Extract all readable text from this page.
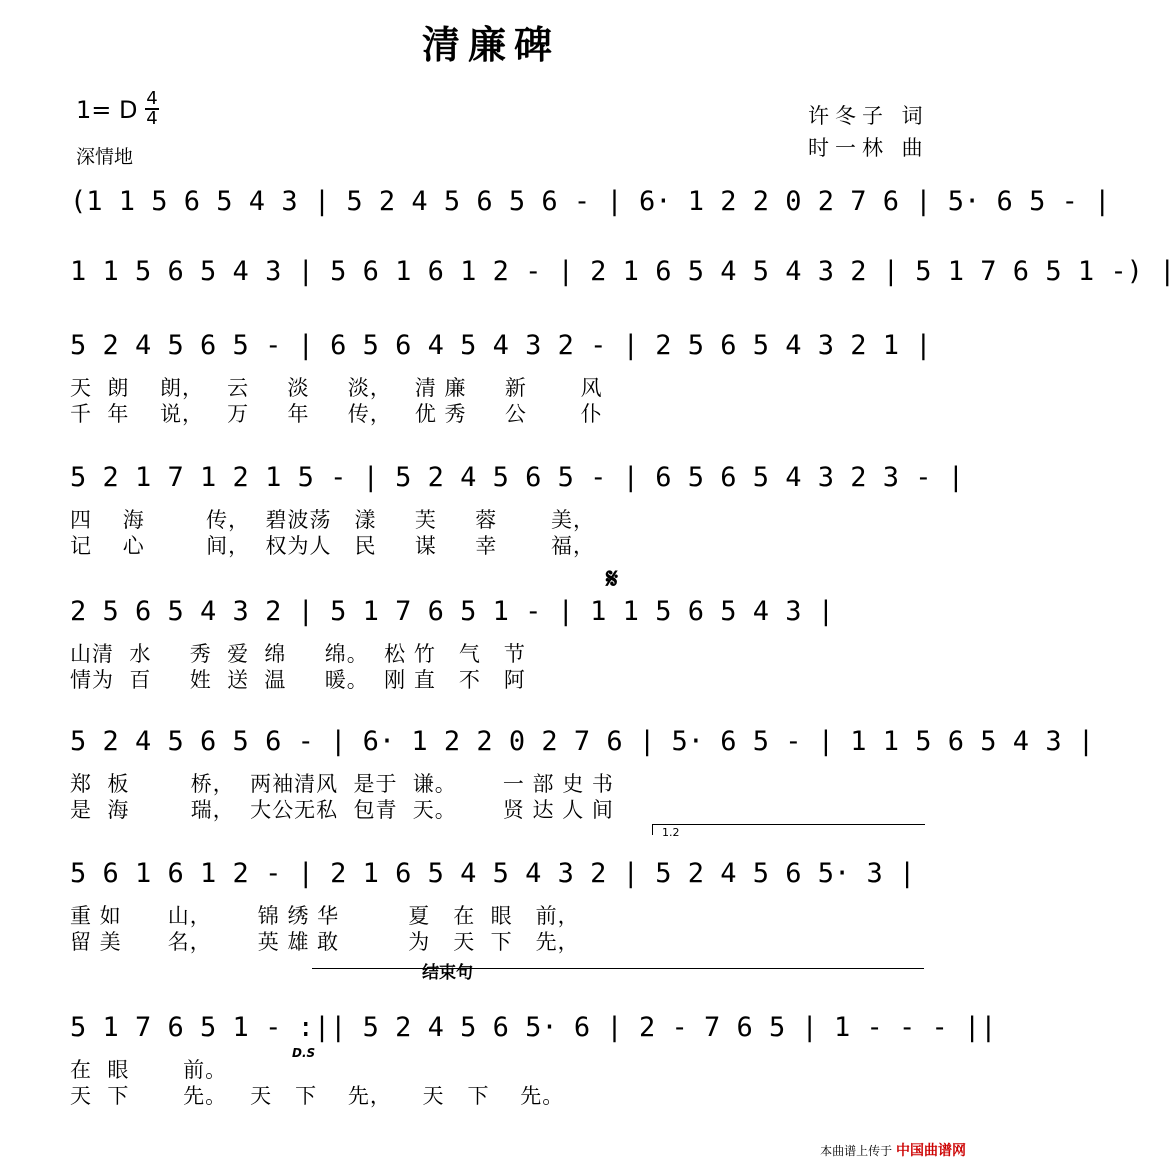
清廉碑
1= D 4
4
深情地
许冬子 词
时一林 曲
(1 1 5 6 5 4 3 | 5 2 4 5 6 5 6 - | 6· 1 2 2 0 2 7 6 | 5· 6 5 - |
1 1 5 6 5 4 3 | 5 6 1 6 1 2 - | 2 1 6 5 4 5 4 3 2 | 5 1 7 6 5 1 -) |
5 2 4 5 6 5 - | 6 5 6 4 5 4 3 2 - | 2 5 6 5 4 3 2 1 |
天  朗    朗，   云     淡     淡，   清 廉     新       风
千  年    说，   万     年     传，   优 秀     公       仆
5 2 1 7 1 2 1 5 - | 5 2 4 5 6 5 - | 6 5 6 5 4 3 2 3 - |
四    海        传，  碧波荡   漾     芙     蓉       美，
记    心        间，  权为人   民     谋     幸       福，
2 5 6 5 4 3 2 | 5 1 7 6 5 1 - | 1 1 5 6 5 4 3 |
山清  水     秀  爱  绵     绵。  松 竹   气   节
情为  百     姓  送  温     暖。  刚 直   不   阿
5 2 4 5 6 5 6 - | 6· 1 2 2 0 2 7 6 | 5· 6 5 - | 1 1 5 6 5 4 3 |
郑  板        桥，  两袖清风  是于  谦。      一 部 史 书
是  海        瑞，  大公无私  包青  天。      贤 达 人 间
5 6 1 6 1 2 - | 2 1 6 5 4 5 4 3 2 | 5 2 4 5 6 5· 3 |
重 如      山，      锦 绣 华         夏   在  眼   前，
留 美      名，      英 雄 敢         为   天  下   先，
5 1 7 6 5 1 - :|| 5 2 4 5 6 5· 6 | 2 - 7 6 5 | 1 - - - ||
在  眼       前。
天  下       先。   天   下    先，    天   下    先。
𝄋
1.2
结束句
D.S
本曲谱上传于 中国曲谱网
